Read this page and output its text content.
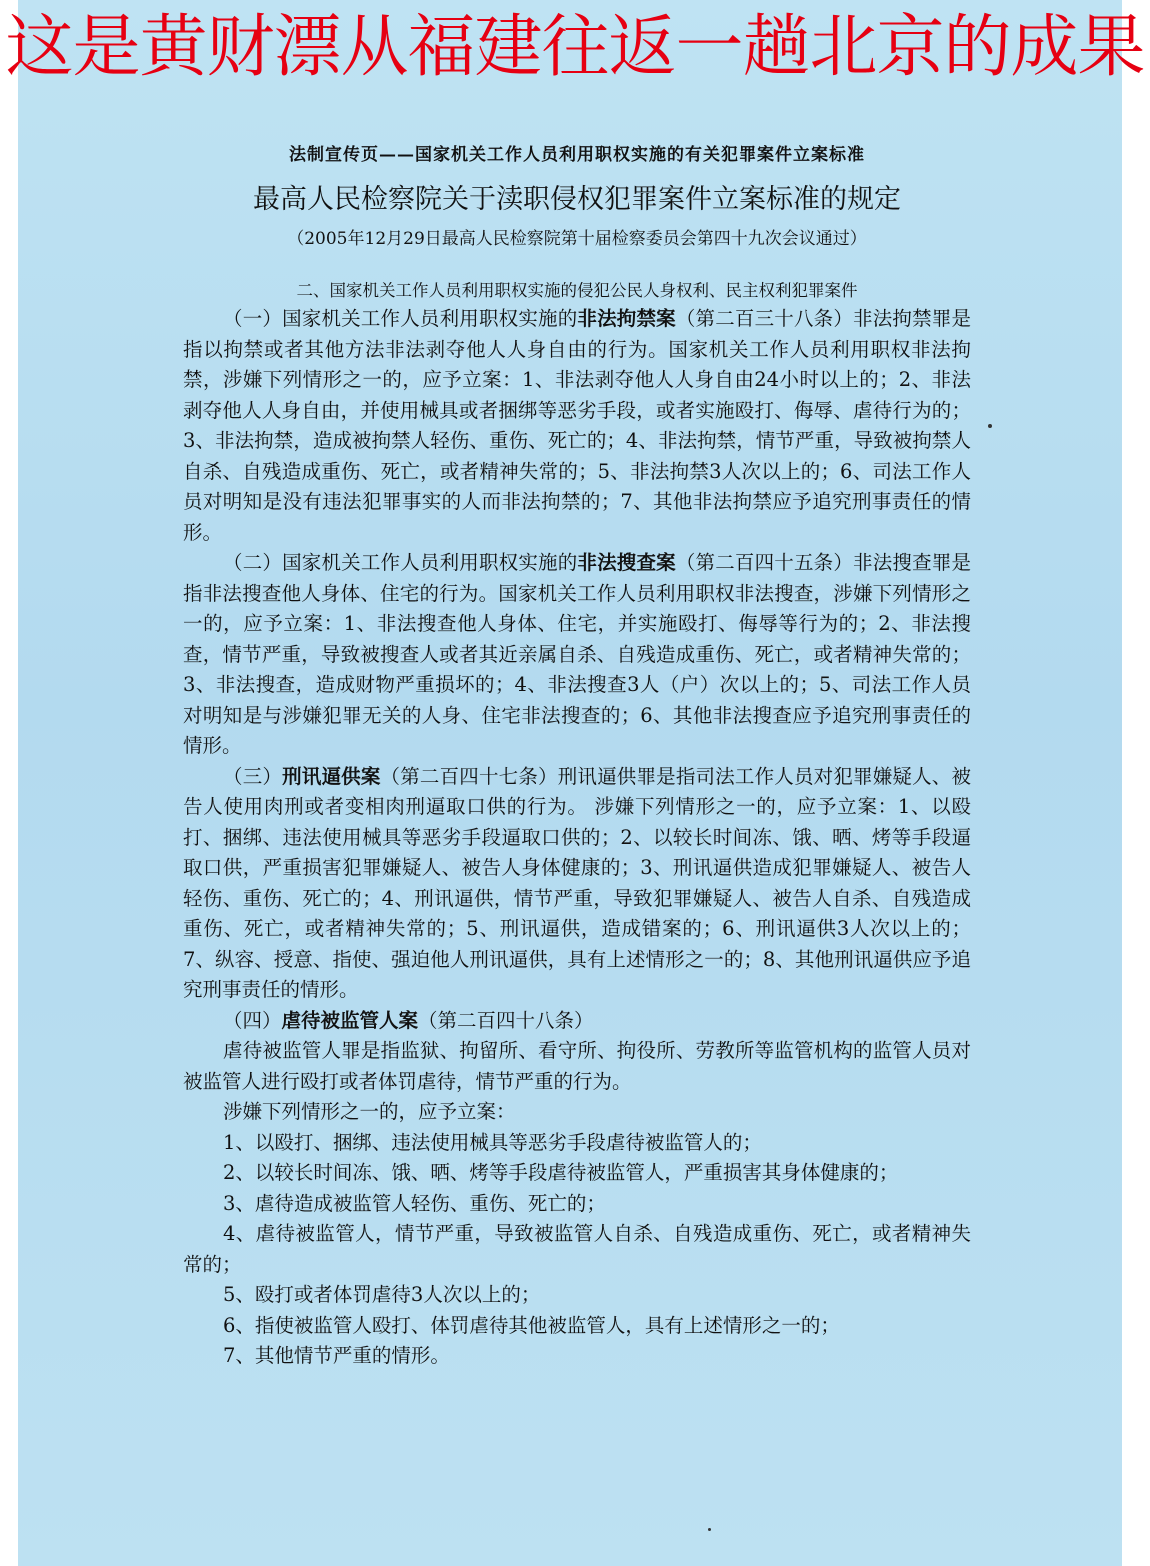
这是黄财漂从福建往返一趟北京的成果
法制宣传页——国家机关工作人员利用职权实施的有关犯罪案件立案标准
最高人民检察院关于渎职侵权犯罪案件立案标准的规定
（2005年12月29日最高人民检察院第十届检察委员会第四十九次会议通过）
二、国家机关工作人员利用职权实施的侵犯公民人身权利、民主权利犯罪案件

（一）国家机关工作人员利用职权实施的非法拘禁案（第二百三十八条）非法拘禁罪是指以拘禁或者其他方法非法剥夺他人人身自由的行为。国家机关工作人员利用职权非法拘禁，涉嫌下列情形之一的，应予立案：1、非法剥夺他人人身自由24小时以上的；2、非法剥夺他人人身自由，并使用械具或者捆绑等恶劣手段，或者实施殴打、侮辱、虐待行为的；3、非法拘禁，造成被拘禁人轻伤、重伤、死亡的；4、非法拘禁，情节严重，导致被拘禁人自杀、自残造成重伤、死亡，或者精神失常的；5、非法拘禁3人次以上的；6、司法工作人员对明知是没有违法犯罪事实的人而非法拘禁的；7、其他非法拘禁应予追究刑事责任的情形。

（二）国家机关工作人员利用职权实施的非法搜查案（第二百四十五条）非法搜查罪是指非法搜查他人身体、住宅的行为。国家机关工作人员利用职权非法搜查，涉嫌下列情形之一的，应予立案：1、非法搜查他人身体、住宅，并实施殴打、侮辱等行为的；2、非法搜查，情节严重，导致被搜查人或者其近亲属自杀、自残造成重伤、死亡，或者精神失常的；3、非法搜查，造成财物严重损坏的；4、非法搜查3人（户）次以上的；5、司法工作人员对明知是与涉嫌犯罪无关的人身、住宅非法搜查的；6、其他非法搜查应予追究刑事责任的情形。

（三）刑讯逼供案（第二百四十七条）刑讯逼供罪是指司法工作人员对犯罪嫌疑人、被告人使用肉刑或者变相肉刑逼取口供的行为。 涉嫌下列情形之一的，应予立案：1、以殴打、捆绑、违法使用械具等恶劣手段逼取口供的；2、以较长时间冻、饿、晒、烤等手段逼取口供，严重损害犯罪嫌疑人、被告人身体健康的；3、刑讯逼供造成犯罪嫌疑人、被告人轻伤、重伤、死亡的；4、刑讯逼供，情节严重，导致犯罪嫌疑人、被告人自杀、自残造成重伤、死亡，或者精神失常的；5、刑讯逼供，造成错案的；6、刑讯逼供3人次以上的；7、纵容、授意、指使、强迫他人刑讯逼供，具有上述情形之一的；8、其他刑讯逼供应予追究刑事责任的情形。

（四）虐待被监管人案（第二百四十八条）

虐待被监管人罪是指监狱、拘留所、看守所、拘役所、劳教所等监管机构的监管人员对被监管人进行殴打或者体罚虐待，情节严重的行为。

涉嫌下列情形之一的，应予立案：

1、以殴打、捆绑、违法使用械具等恶劣手段虐待被监管人的；

2、以较长时间冻、饿、晒、烤等手段虐待被监管人，严重损害其身体健康的；

3、虐待造成被监管人轻伤、重伤、死亡的；

4、虐待被监管人，情节严重，导致被监管人自杀、自残造成重伤、死亡，或者精神失常的；

5、殴打或者体罚虐待3人次以上的；

6、指使被监管人殴打、体罚虐待其他被监管人，具有上述情形之一的；

7、其他情节严重的情形。
